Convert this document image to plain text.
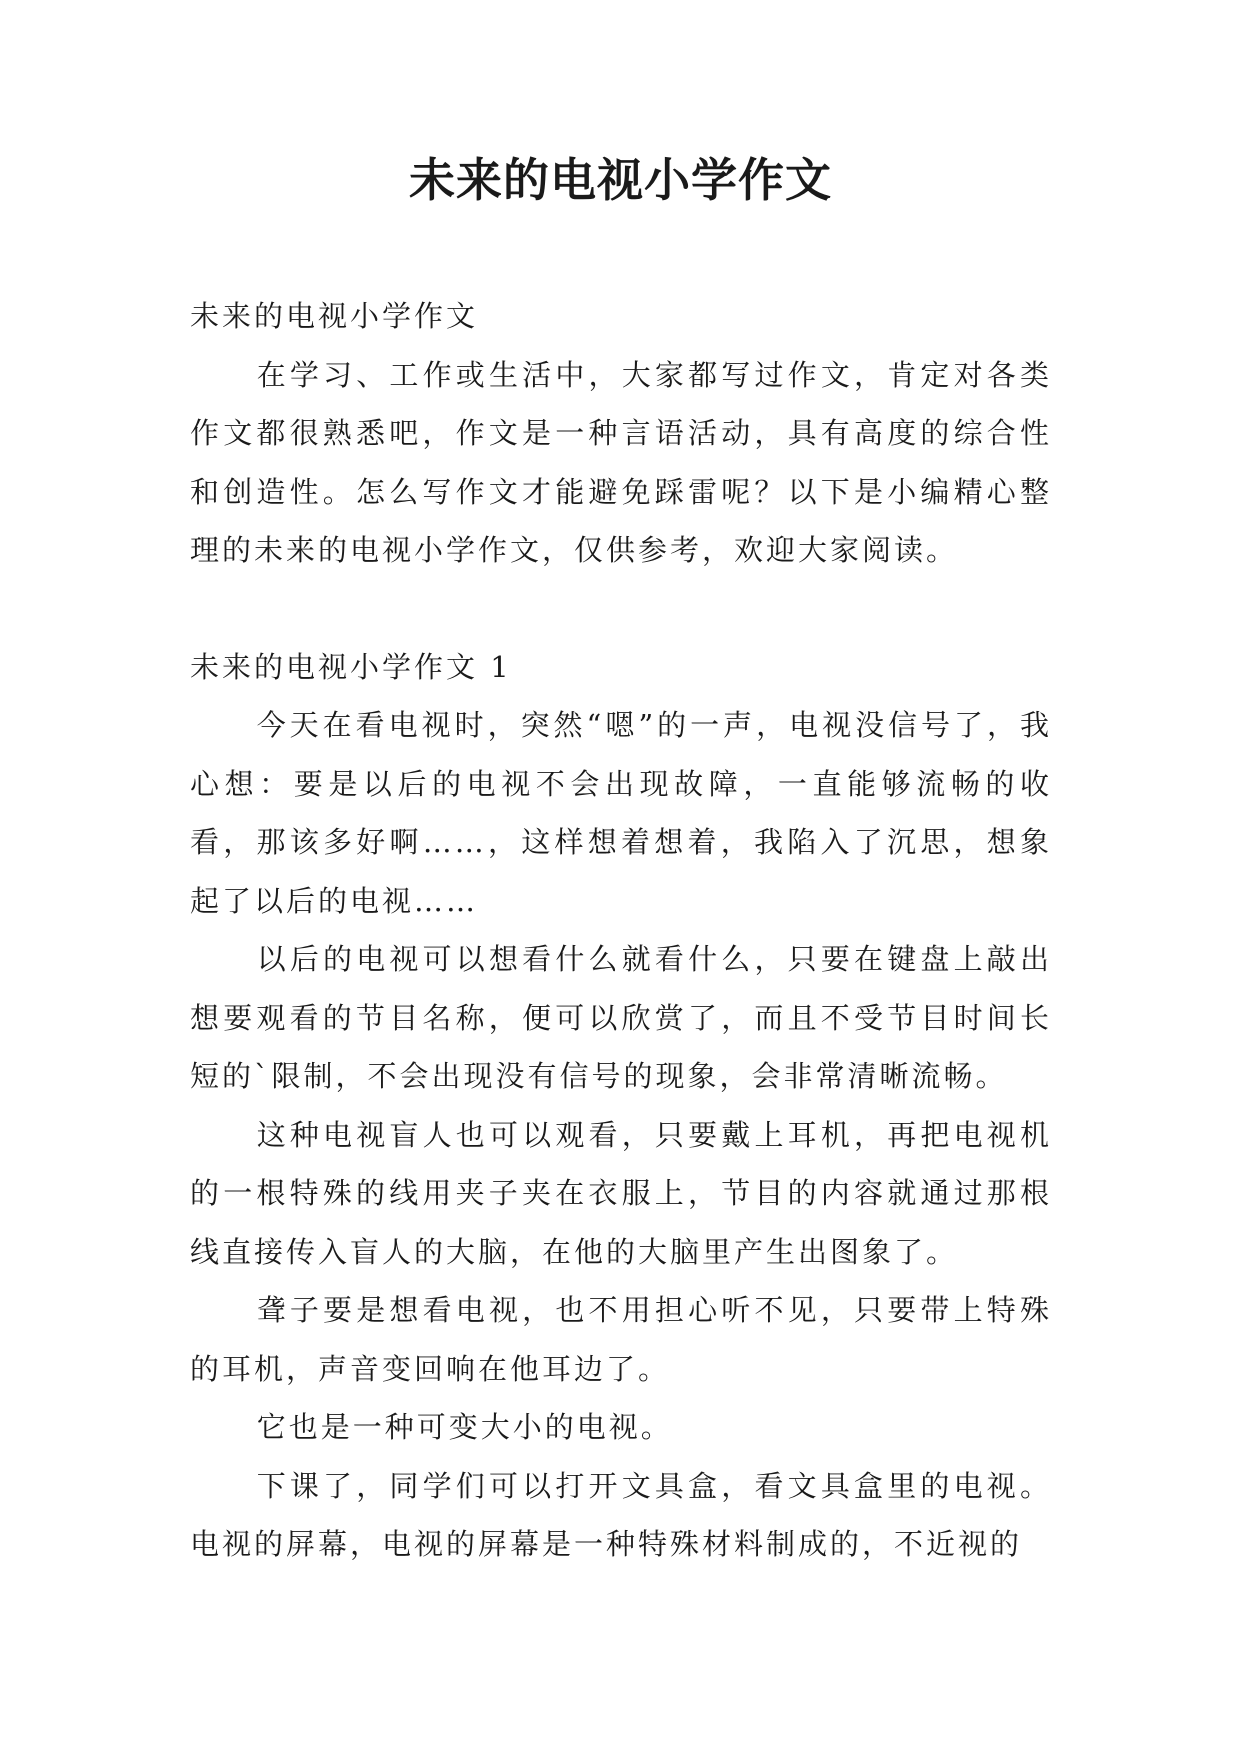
未来的电视小学作文

未来的电视小学作文

在学习、工作或生活中，大家都写过作文，肯定对各类作文都很熟悉吧，作文是一种言语活动，具有高度的综合性和创造性。怎么写作文才能避免踩雷呢？以下是小编精心整理的未来的电视小学作文，仅供参考，欢迎大家阅读。

未来的电视小学作文 1

今天在看电视时，突然“嗯”的一声，电视没信号了，我心想：要是以后的电视不会出现故障，一直能够流畅的收看，那该多好啊……，这样想着想着，我陷入了沉思，想象起了以后的电视……

以后的电视可以想看什么就看什么，只要在键盘上敲出想要观看的节目名称，便可以欣赏了，而且不受节目时间长短的`限制，不会出现没有信号的现象，会非常清晰流畅。

这种电视盲人也可以观看，只要戴上耳机，再把电视机的一根特殊的线用夹子夹在衣服上，节目的内容就通过那根线直接传入盲人的大脑，在他的大脑里产生出图象了。

聋子要是想看电视，也不用担心听不见，只要带上特殊的耳机，声音变回响在他耳边了。

它也是一种可变大小的电视。

下课了，同学们可以打开文具盒，看文具盒里的电视。电视的屏幕，电视的屏幕是一种特殊材料制成的，不近视的
